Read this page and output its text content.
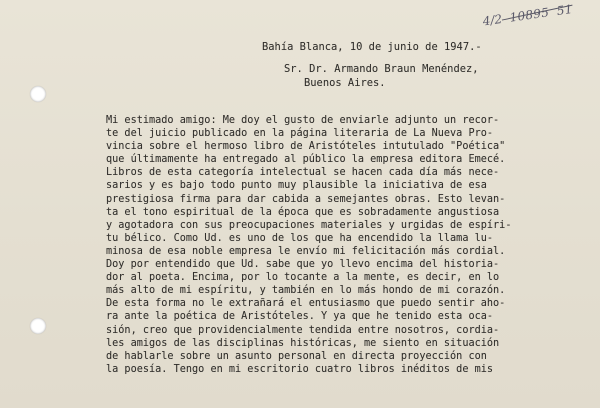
4/2 10895 51
Bahía Blanca, 10 de junio de 1947.-
Sr. Dr. Armando Braun Menéndez,
Buenos Aires.
Mi estimado amigo: Me doy el gusto de enviarle adjunto un recor-
te del juicio publicado en la página literaria de La Nueva Pro-
vincia sobre el hermoso libro de Aristóteles intutulado "Poética"
que últimamente ha entregado al público la empresa editora Emecé.
Libros de esta categoría intelectual se hacen cada día más nece-
sarios y es bajo todo punto muy plausible la iniciativa de esa
prestigiosa firma para dar cabida a semejantes obras. Esto levan-
ta el tono espiritual de la época que es sobradamente angustiosa
y agotadora con sus preocupaciones materiales y urgidas de espíri-
tu bélico. Como Ud. es uno de los que ha encendido la llama lu-
minosa de esa noble empresa le envío mi felicitación más cordial.
Doy por entendido que Ud. sabe que yo llevo encima del historia-
dor al poeta. Encima, por lo tocante a la mente, es decir, en lo
más alto de mi espíritu, y también en lo más hondo de mi corazón.
De esta forma no le extrañará el entusiasmo que puedo sentir aho-
ra ante la poética de Aristóteles. Y ya que he tenido esta oca-
sión, creo que providencialmente tendida entre nosotros, cordia-
les amigos de las disciplinas históricas, me siento en situación
de hablarle sobre un asunto personal en directa proyección con
la poesía. Tengo en mi escritorio cuatro libros inéditos de mis
